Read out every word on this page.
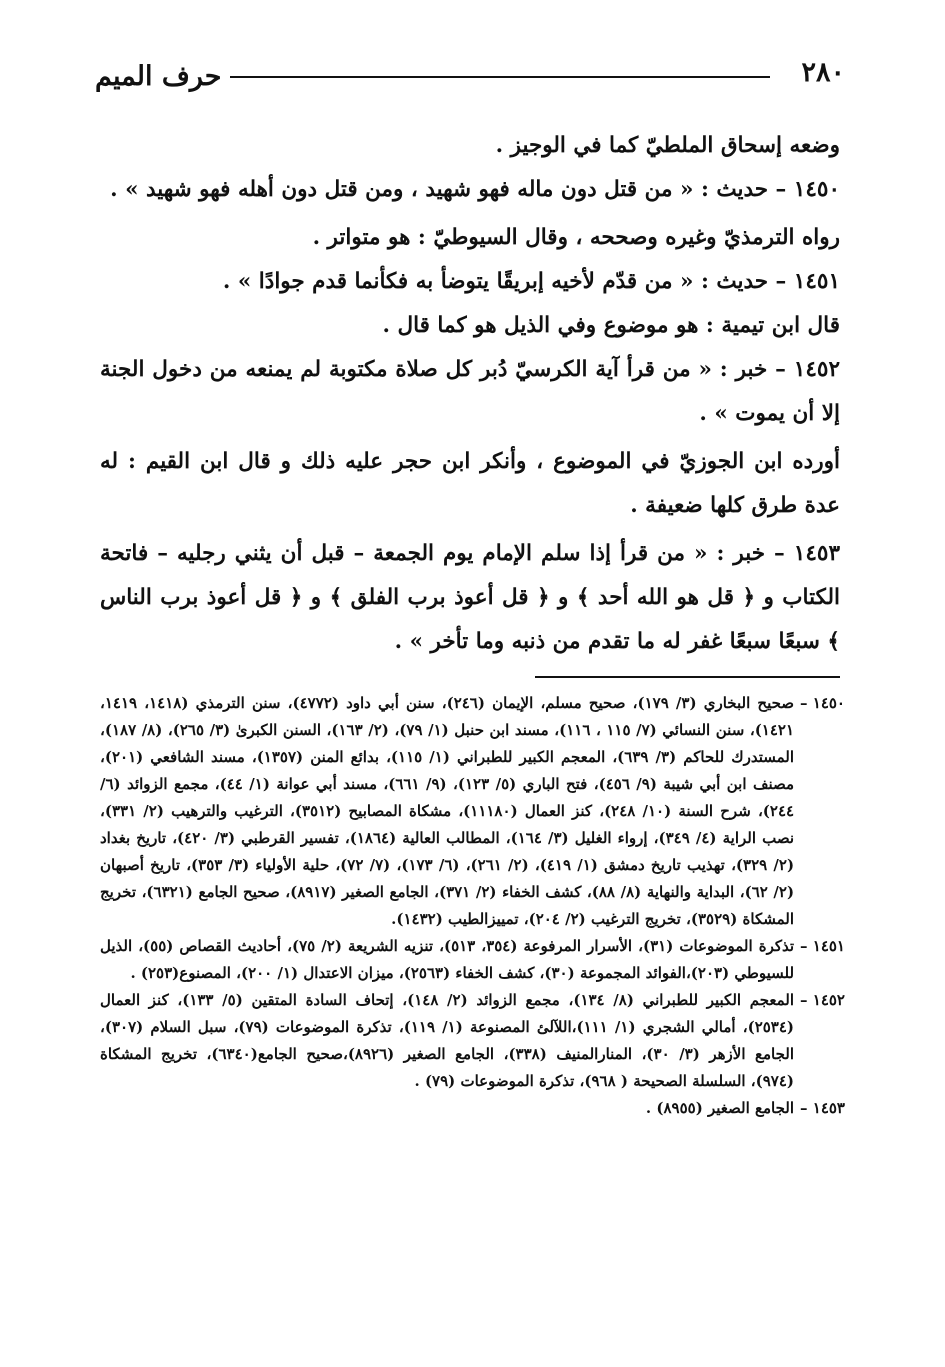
٢٨٠
حرف الميم

وضعه إسحاق الملطيّ كما في الوجيز .

١٤٥٠ – حديث : « من قتل دون ماله فهو شهيد ، ومن قتل دون أهله فهو شهيد » .

رواه الترمذيّ وغيره وصححه ، وقال السيوطيّ : هو متواتر .

١٤٥١ – حديث : « من قدّم لأخيه إبريقًا يتوضأ به فكأنما قدم جوادًا » .

قال ابن تيمية : هو موضوع وفي الذيل هو كما قال .

١٤٥٢ – خبر : « من قرأ آية الكرسيّ دُبر كل صلاة مكتوبة لم يمنعه من دخول الجنة إلا أن يموت » .

أورده ابن الجوزيّ في الموضوع ، وأنكر ابن حجر عليه ذلك و قال ابن القيم : له عدة طرق كلها ضعيفة .

١٤٥٣ – خبر : « من قرأ إذا سلم الإمام يوم الجمعة – قبل أن يثني رجليه – فاتحة الكتاب و ﴿ قل هو الله أحد ﴾ و ﴿ قل أعوذ برب الفلق ﴾ و ﴿ قل أعوذ برب الناس ﴾ سبعًا سبعًا غفر له ما تقدم من ذنبه وما تأخر » .

١٤٥٠ –
صحيح البخاري (٣/ ١٧٩)، صحيح مسلم، الإيمان (٢٤٦)، سنن أبي داود (٤٧٧٢)، سنن الترمذي (١٤١٨، ١٤١٩، ١٤٢١)، سنن النسائي (٧/ ١١٥ ، ١١٦)، مسند ابن حنبل (١/ ٧٩)، (٢/ ١٦٣)، السنن الكبرىٰ (٣/ ٢٦٥)، (٨/ ١٨٧)، المستدرك للحاكم (٣/ ٦٣٩)، المعجم الكبير للطبراني (١/ ١١٥)، بدائع المنن (١٣٥٧)، مسند الشافعي (٢٠١)، مصنف ابن أبي شيبة (٩/ ٤٥٦)، فتح الباري (٥/ ١٢٣)، (٩/ ٦٦١)، مسند أبي عوانة (١/ ٤٤)، مجمع الزوائد (٦/ ٢٤٤)، شرح السنة (١٠/ ٢٤٨)، كنز العمال (١١١٨٠)، مشكاة المصابيح (٣٥١٢)، الترغيب والترهيب (٢/ ٣٣١)، نصب الراية (٤/ ٣٤٩)، إرواء الغليل (٣/ ١٦٤)، المطالب العالية (١٨٦٤)، تفسير القرطبي (٣/ ٤٢٠)، تاريخ بغداد (٢/ ٣٢٩)، تهذيب تاريخ دمشق (١/ ٤١٩)، (٢/ ٢٦١)، (٦/ ١٧٣)، (٧/ ٧٢)، حلية الأولياء (٣/ ٣٥٣)، تاريخ أصبهان (٢/ ٦٢)، البداية والنهاية (٨/ ٨٨)، كشف الخفاء (٢/ ٣٧١)، الجامع الصغير (٨٩١٧)، صحيح الجامع (٦٣٢١)، تخريج المشكاة (٣٥٢٩)، تخريج الترغيب (٢/ ٢٠٤)، تمييزالطيب (١٤٣٢).
١٤٥١ –
تذكرة الموضوعات (٣١)، الأسرار المرفوعة (٣٥٤، ٥١٣)، تنزيه الشريعة (٢/ ٧٥)، أحاديث القصاص (٥٥)، الذيل للسيوطي (٢٠٣)،الفوائد المجموعة (٣٠)، كشف الخفاء (٢٥٦٣)، ميزان الاعتدال (١/ ٢٠٠)، المصنوع(٢٥٣) .
١٤٥٢ –
المعجم الكبير للطبراني (٨/ ١٣٤)، مجمع الزوائد (٢/ ١٤٨)، إتحاف السادة المتقين (٥/ ١٣٣)، كنز العمال (٢٥٣٤)، أمالي الشجري (١/ ١١١)،اللآلئ المصنوعة (١/ ١١٩)، تذكرة الموضوعات (٧٩)، سبل السلام (٣٠٧)، الجامع الأزهر (٣/ ٣٠)، المنارالمنيف (٣٣٨)، الجامع الصغير (٨٩٢٦)،صحيح الجامع(٦٣٤٠)، تخريج المشكاة (٩٧٤)، السلسلة الصحيحة ( ٩٦٨)، تذكرة الموضوعات (٧٩) .
١٤٥٣ –
الجامع الصغير (٨٩٥٥) .
